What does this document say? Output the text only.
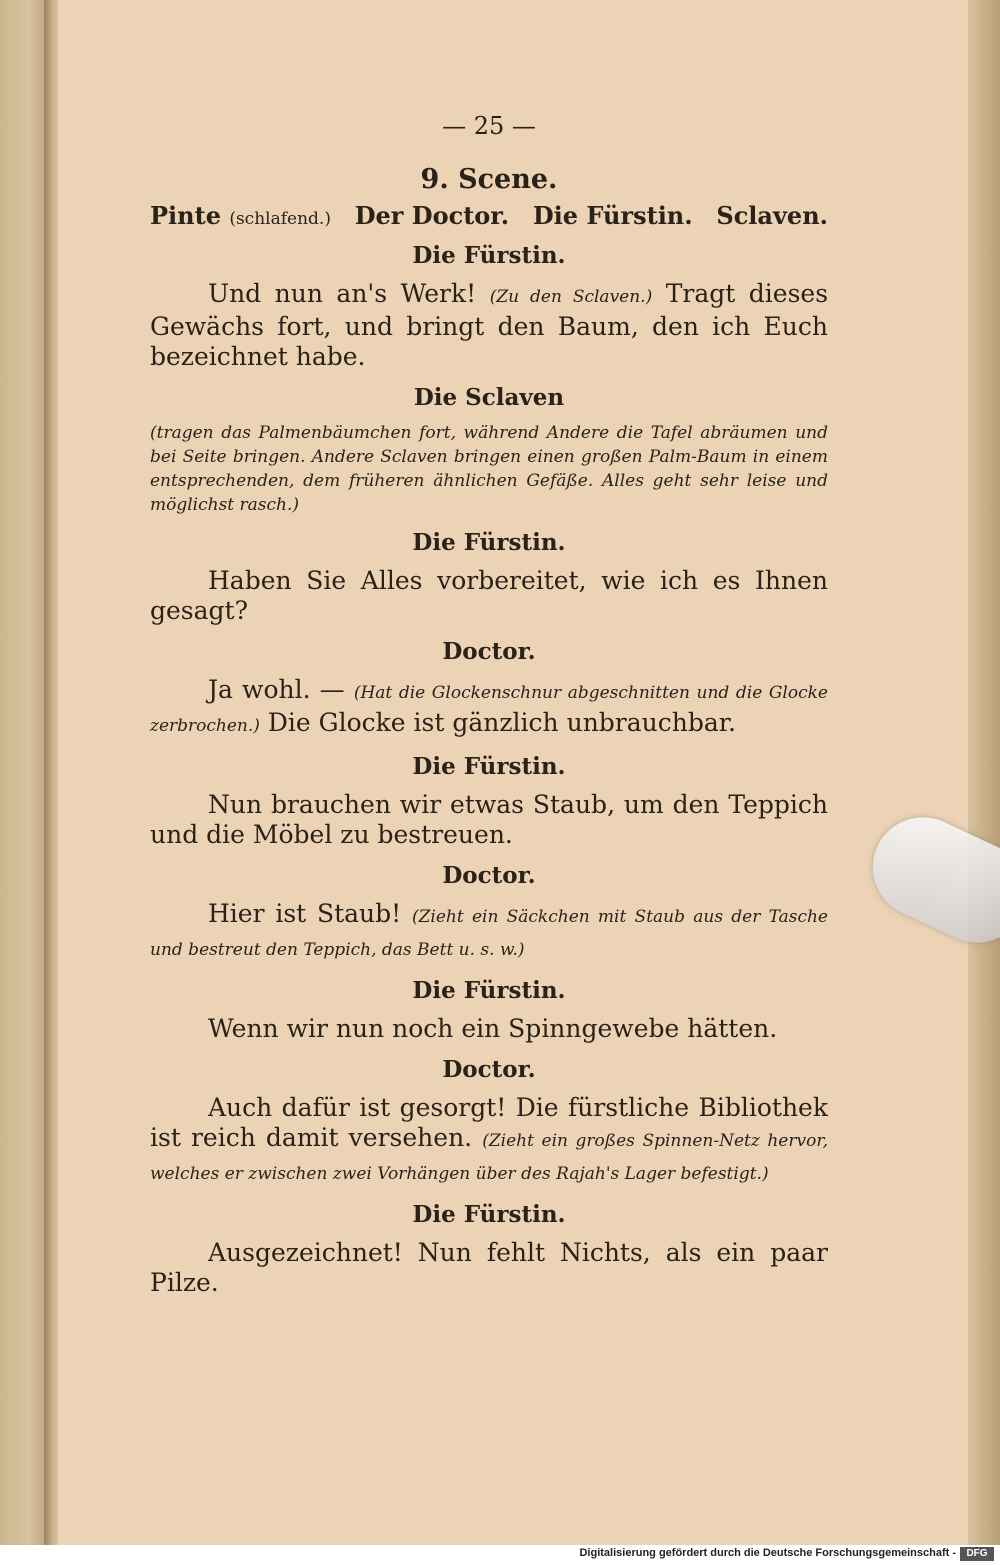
— 25 —
9. Scene.
Pinte (schlafend.) Der Doctor. Die Fürstin. Sclaven.
Die Fürstin.

Und nun an's Werk! (Zu den Sclaven.) Tragt dieses Gewächs fort, und bringt den Baum, den ich Euch bezeichnet habe.

Die Sclaven
(tragen das Palmenbäumchen fort, während Andere die Tafel abräumen und bei Seite bringen. Andere Sclaven bringen einen großen Palm-Baum in einem entsprechenden, dem früheren ähnlichen Gefäße. Alles geht sehr leise und möglichst rasch.)
Die Fürstin.

Haben Sie Alles vorbereitet, wie ich es Ihnen gesagt?

Doctor.

Ja wohl. — (Hat die Glockenschnur abgeschnitten und die Glocke zerbrochen.) Die Glocke ist gänzlich unbrauchbar.

Die Fürstin.

Nun brauchen wir etwas Staub, um den Teppich und die Möbel zu bestreuen.

Doctor.

Hier ist Staub! (Zieht ein Säckchen mit Staub aus der Tasche und bestreut den Teppich, das Bett u. s. w.)

Die Fürstin.

Wenn wir nun noch ein Spinngewebe hätten.

Doctor.

Auch dafür ist gesorgt! Die fürstliche Bibliothek ist reich damit versehen. (Zieht ein großes Spinnen-Netz hervor, welches er zwischen zwei Vorhängen über des Rajah's Lager befestigt.)

Die Fürstin.

Ausgezeichnet! Nun fehlt Nichts, als ein paar Pilze.

Digitalisierung gefördert durch die Deutsche Forschungsgemeinschaft -	DFG
